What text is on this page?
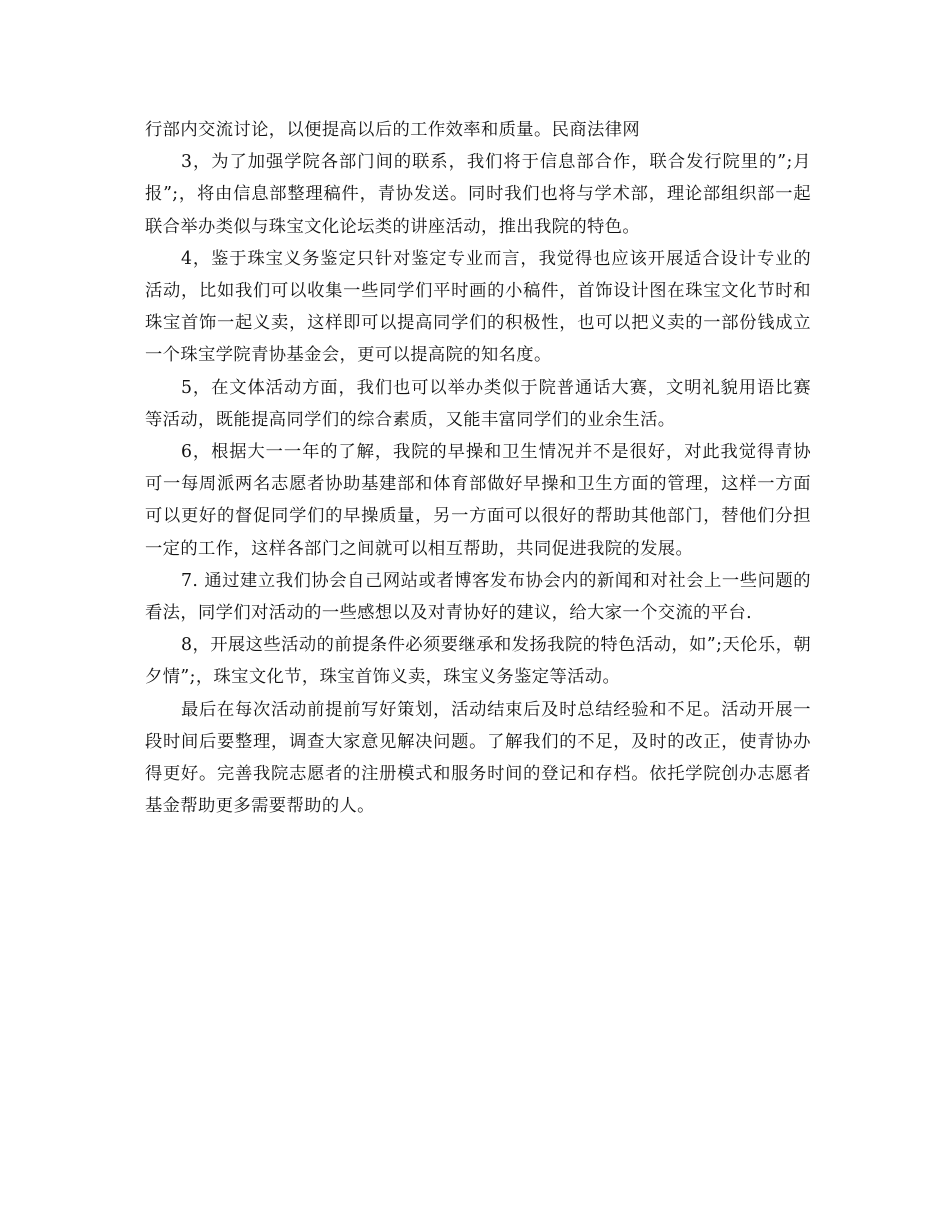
行部内交流讨论，以便提高以后的工作效率和质量。民商法律网

3，为了加强学院各部门间的联系，我们将于信息部合作，联合发行院里的”;月报”;，将由信息部整理稿件，青协发送。同时我们也将与学术部，理论部组织部一起联合举办类似与珠宝文化论坛类的讲座活动，推出我院的特色。

4，鉴于珠宝义务鉴定只针对鉴定专业而言，我觉得也应该开展适合设计专业的活动，比如我们可以收集一些同学们平时画的小稿件，首饰设计图在珠宝文化节时和珠宝首饰一起义卖，这样即可以提高同学们的积极性，也可以把义卖的一部份钱成立一个珠宝学院青协基金会，更可以提高院的知名度。

5，在文体活动方面，我们也可以举办类似于院普通话大赛，文明礼貌用语比赛等活动，既能提高同学们的综合素质，又能丰富同学们的业余生活。

6，根据大一一年的了解，我院的早操和卫生情况并不是很好，对此我觉得青协可一每周派两名志愿者协助基建部和体育部做好早操和卫生方面的管理，这样一方面可以更好的督促同学们的早操质量，另一方面可以很好的帮助其他部门，替他们分担一定的工作，这样各部门之间就可以相互帮助，共同促进我院的发展。

7. 通过建立我们协会自己网站或者博客发布协会内的新闻和对社会上一些问题的看法，同学们对活动的一些感想以及对青协好的建议，给大家一个交流的平台.

8，开展这些活动的前提条件必须要继承和发扬我院的特色活动，如”;天伦乐，朝夕情”;，珠宝文化节，珠宝首饰义卖，珠宝义务鉴定等活动。

最后在每次活动前提前写好策划，活动结束后及时总结经验和不足。活动开展一段时间后要整理，调查大家意见解决问题。了解我们的不足，及时的改正，使青协办得更好。完善我院志愿者的注册模式和服务时间的登记和存档。依托学院创办志愿者基金帮助更多需要帮助的人。
